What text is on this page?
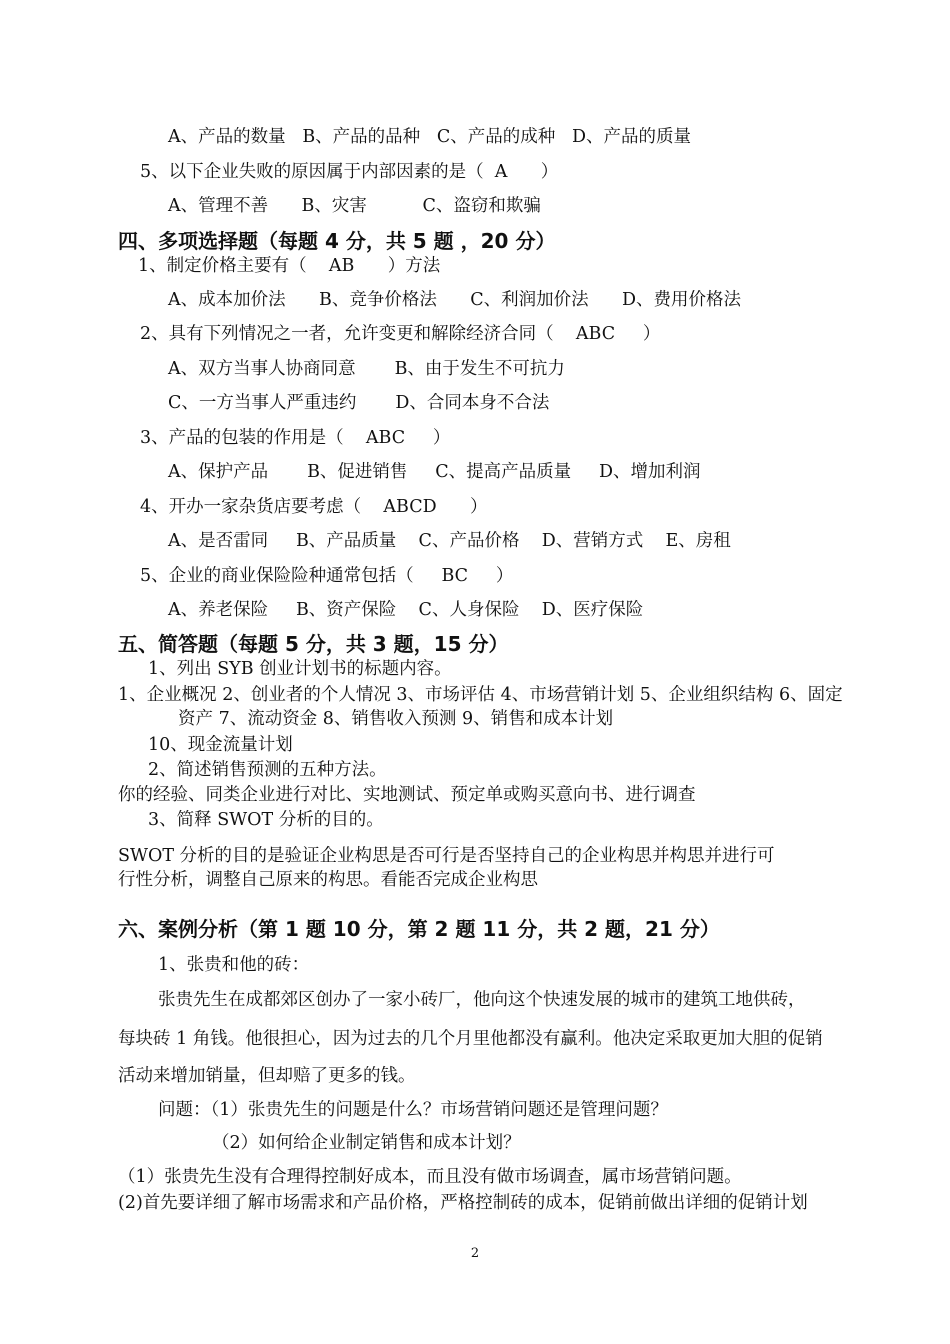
四、多项选择题（每题 4 分，共 5 题 ，20 分）
五、简答题（每题 5 分，共 3 题，15 分）
六、案例分析（第 1 题 10 分，第 2 题 11 分，共 2 题，21 分）
A、产品的数量   B、产品的品种   C、产品的成种   D、产品的质量
5、以下企业失败的原因属于内部因素的是（  A      ）
A、管理不善      B、灾害          C、盗窃和欺骗
1、制定价格主要有（    AB      ）方法
A、成本加价法      B、竞争价格法      C、利润加价法      D、费用价格法
2、具有下列情况之一者，允许变更和解除经济合同（    ABC     ）
A、双方当事人协商同意       B、由于发生不可抗力
C、一方当事人严重违约       D、合同本身不合法
3、产品的包装的作用是（    ABC     ）
A、保护产品       B、促进销售     C、提高产品质量     D、增加利润
4、开办一家杂货店要考虑（    ABCD      ）
A、是否雷同     B、产品质量    C、产品价格    D、营销方式    E、房租
5、企业的商业保险险种通常包括（     BC     ）
A、养老保险     B、资产保险    C、人身保险    D、医疗保险
1、列出 SYB 创业计划书的标题内容。
1、企业概况 2、创业者的个人情况 3、市场评估 4、市场营销计划 5、企业组织结构 6、固定
资产 7、流动资金 8、销售收入预测 9、销售和成本计划
10、现金流量计划
2、简述销售预测的五种方法。
你的经验、同类企业进行对比、实地测试、预定单或购买意向书、进行调查
3、简释 SWOT 分析的目的。
SWOT 分析的目的是验证企业构思是否可行是否坚持自己的企业构思并构思并进行可
行性分析，调整自己原来的构思。看能否完成企业构思
1、张贵和他的砖：
张贵先生在成都郊区创办了一家小砖厂，他向这个快速发展的城市的建筑工地供砖，
每块砖 1 角钱。他很担心，因为过去的几个月里他都没有赢利。他决定采取更加大胆的促销
活动来增加销量，但却赔了更多的钱。
问题：（1）张贵先生的问题是什么？市场营销问题还是管理问题？
（2）如何给企业制定销售和成本计划？
（1）张贵先生没有合理得控制好成本，而且没有做市场调查，属市场营销问题。
(2)首先要详细了解市场需求和产品价格，严格控制砖的成本，促销前做出详细的促销计划
2
